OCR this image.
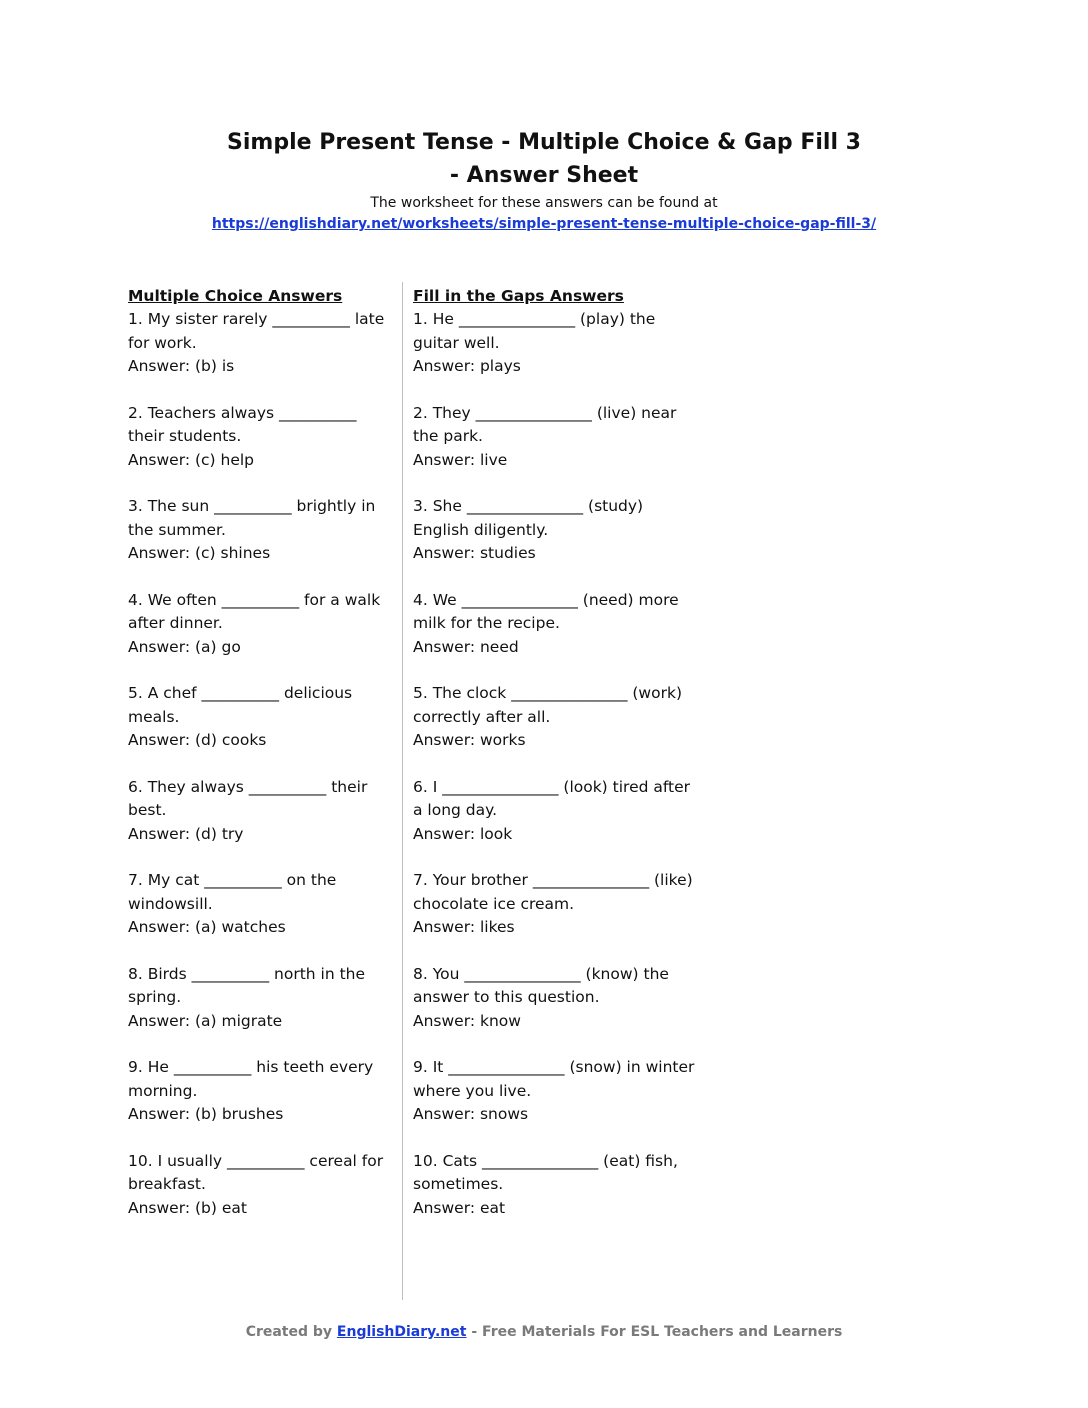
Simple Present Tense - Multiple Choice & Gap Fill 3
- Answer Sheet
The worksheet for these answers can be found at
https://englishdiary.net/worksheets/simple-present-tense-multiple-choice-gap-fill-3/
Multiple Choice Answers
1. My sister rarely __________ late for work.
Answer: (b) is
2. Teachers always __________ their students.
Answer: (c) help
3. The sun __________ brightly in the summer.
Answer: (c) shines
4. We often __________ for a walk after dinner.
Answer: (a) go
5. A chef __________ delicious meals.
Answer: (d) cooks
6. They always __________ their best.
Answer: (d) try
7. My cat __________ on the windowsill.
Answer: (a) watches
8. Birds __________ north in the spring.
Answer: (a) migrate
9. He __________ his teeth every morning.
Answer: (b) brushes
10. I usually __________ cereal for breakfast.
Answer: (b) eat
Fill in the Gaps Answers
1. He _______________ (play) the guitar well.
Answer: plays
2. They _______________ (live) near the park.
Answer: live
3. She _______________ (study) English diligently.
Answer: studies
4. We _______________ (need) more milk for the recipe.
Answer: need
5. The clock _______________ (work) correctly after all.
Answer: works
6. I _______________ (look) tired after a long day.
Answer: look
7. Your brother _______________ (like) chocolate ice cream.
Answer: likes
8. You _______________ (know) the answer to this question.
Answer: know
9. It _______________ (snow) in winter where you live.
Answer: snows
10. Cats _______________ (eat) fish, sometimes.
Answer: eat
Created by EnglishDiary.net - Free Materials For ESL Teachers and Learners
